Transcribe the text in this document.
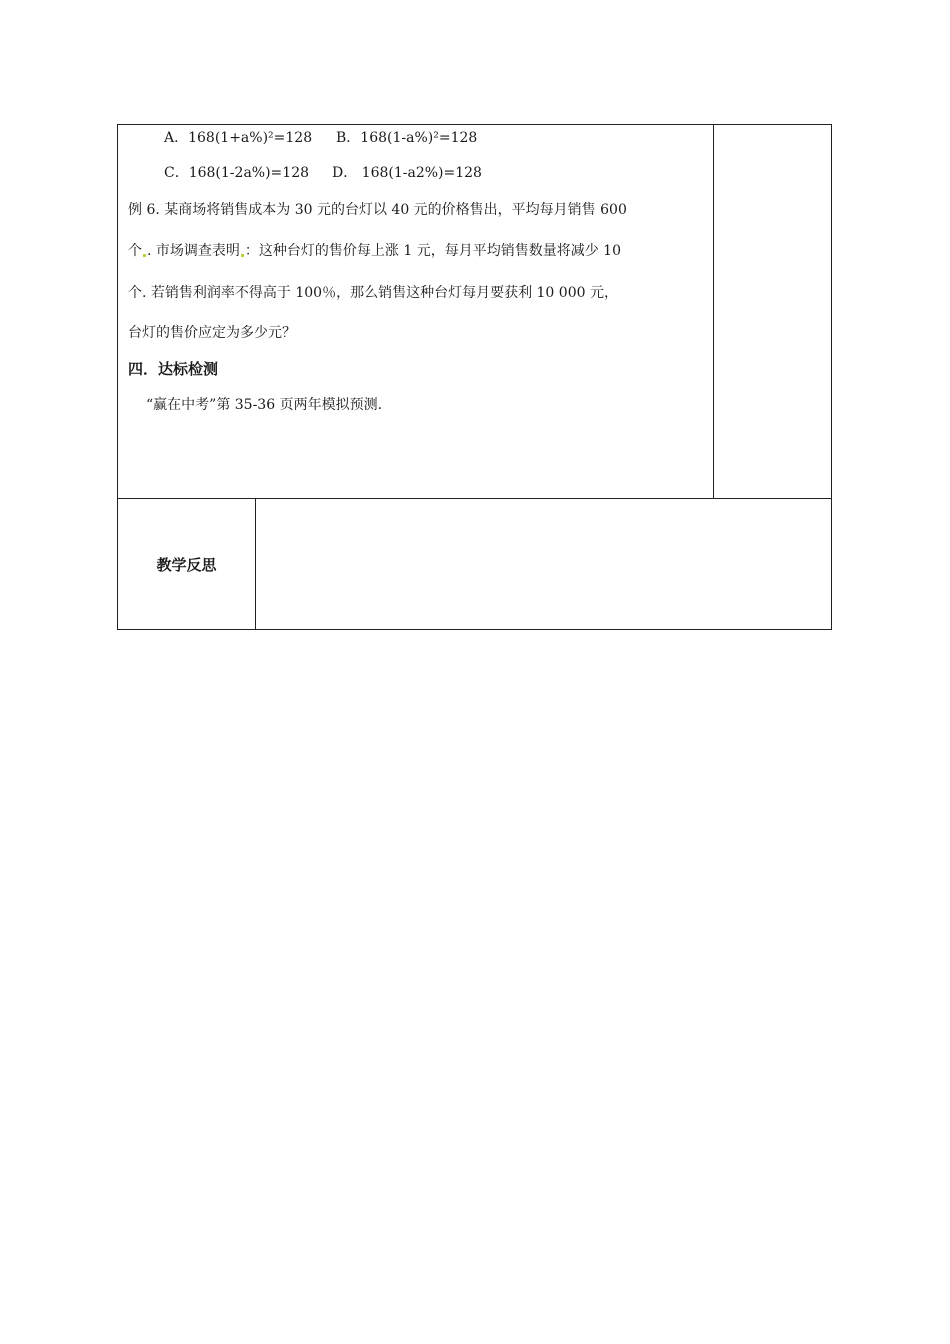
A．168(1+a%)²=128 B．168(1-a%)²=128
C．168(1-2a%)=128 D． 168(1-a2%)=128
例 6. 某商场将销售成本为 30 元的台灯以 40 元的价格售出，平均每月销售 600
个 . 市场调查表明 ：这种台灯的售价每上涨 1 元，每月平均销售数量将减少 10
个. 若销售利润率不得高于 100％，那么销售这种台灯每月要获利 10 000 元，
台灯的售价应定为多少元？
四．达标检测
“赢在中考”第 35-36 页两年模拟预测.
教学反思
